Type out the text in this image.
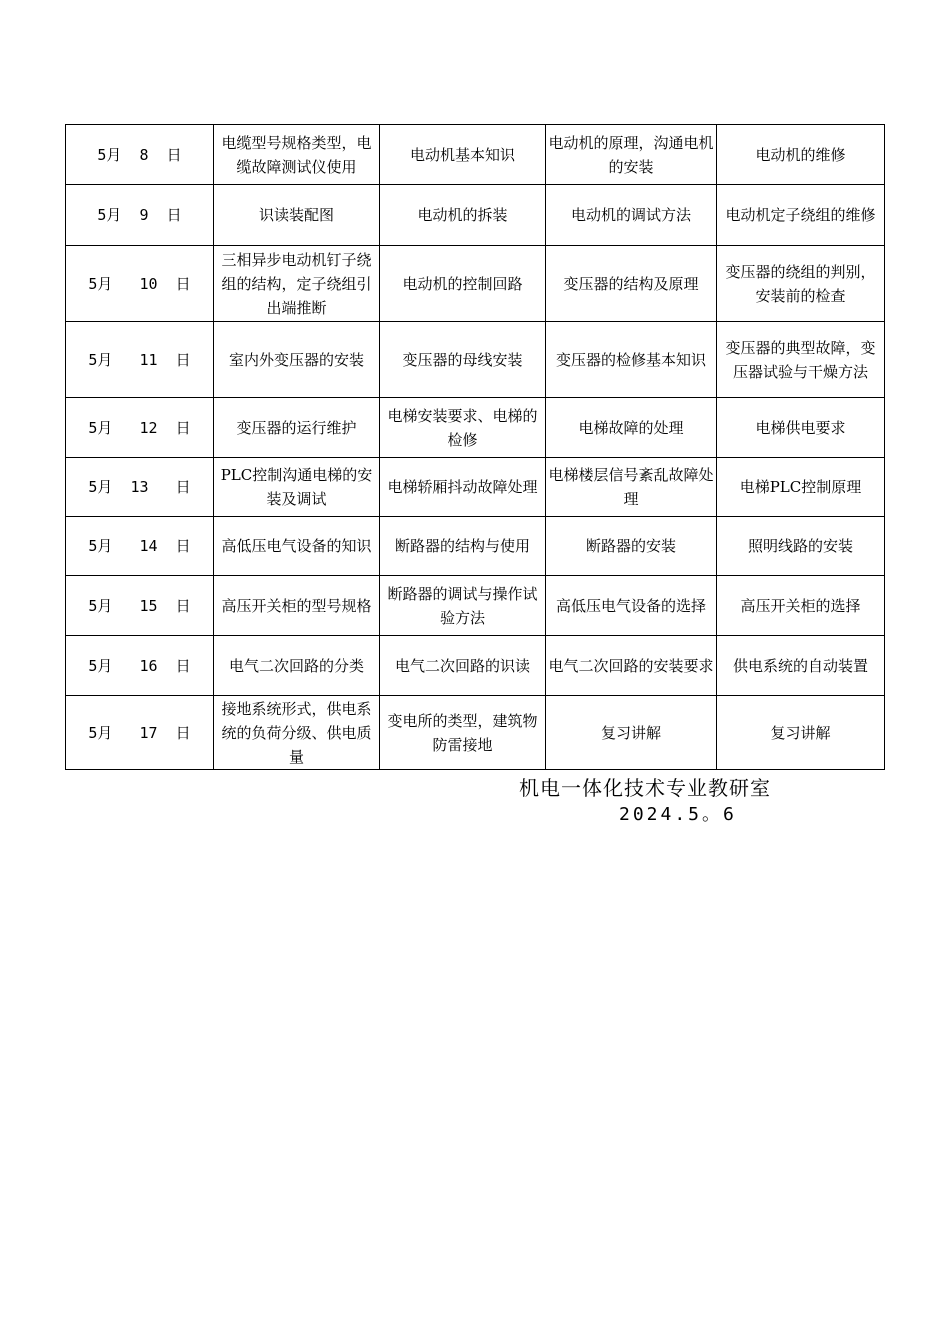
5月  8  日	电缆型号规格类型，电缆故障测试仪使用	电动机基本知识	电动机的原理，沟通电机的安装	电动机的维修
5月  9  日	识读装配图	电动机的拆装	电动机的调试方法	电动机定子绕组的维修
5月   10  日	三相异步电动机钉子绕组的结构，定子绕组引出端推断	电动机的控制回路	变压器的结构及原理	变压器的绕组的判别，安装前的检查
5月   11  日	室内外变压器的安装	变压器的母线安装	变压器的检修基本知识	变压器的典型故障，变压器试验与干燥方法
5月   12  日	变压器的运行维护	电梯安装要求、电梯的检修	电梯故障的处理	电梯供电要求
5月  13   日	PLC控制沟通电梯的安装及调试	电梯轿厢抖动故障处理	电梯楼层信号紊乱故障处理	电梯PLC控制原理
5月   14  日	高低压电气设备的知识	断路器的结构与使用	断路器的安装	照明线路的安装
5月   15  日	高压开关柜的型号规格	断路器的调试与操作试验方法	高低压电气设备的选择	高压开关柜的选择
5月   16  日	电气二次回路的分类	电气二次回路的识读	电气二次回路的安装要求	供电系统的自动装置
5月   17  日	接地系统形式，供电系统的负荷分级、供电质量	变电所的类型，建筑物防雷接地	复习讲解	复习讲解
机电一体化技术专业教研室
2024.5。6
